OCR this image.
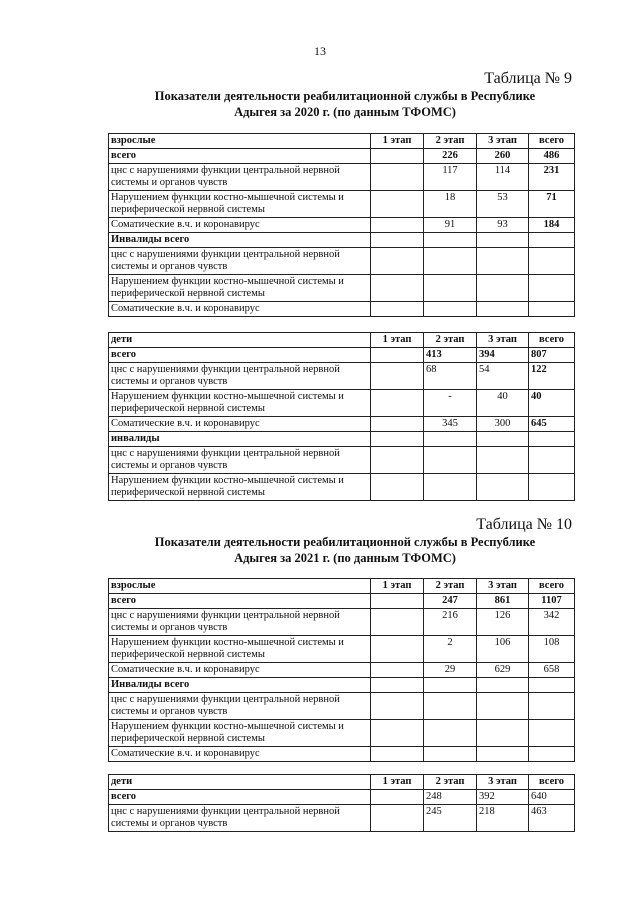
13
Таблица № 9
Показатели деятельности реабилитационной службы в Республике
Адыгея за 2020 г. (по данным ТФОМС)
взрослые	1 этап	2 этап	3 этап	всего
всего		226	260	486
цнс с нарушениями функции центральной нервной системы и органов чувств		117	114	231
Нарушением функции костно-мышечной системы и периферической нервной системы		18	53	71
Соматические в.ч. и коронавирус		91	93	184
Инвалиды всего				
цнс с нарушениями функции центральной нервной системы и органов чувств				
Нарушением функции костно-мышечной системы и периферической нервной системы				
Соматические в.ч. и коронавирус				
дети	1 этап	2 этап	3 этап	всего
всего		413	394	807
цнс с нарушениями функции центральной нервной системы и органов чувств		68	54	122
Нарушением функции костно-мышечной системы и периферической нервной системы		-	40	40
Соматические в.ч. и коронавирус		345	300	645
инвалиды				
цнс с нарушениями функции центральной нервной системы и органов чувств				
Нарушением функции костно-мышечной системы и периферической нервной системы				
Таблица № 10
Показатели деятельности реабилитационной службы в Республике
Адыгея за 2021 г. (по данным ТФОМС)
взрослые	1 этап	2 этап	3 этап	всего
всего		247	861	1107
цнс с нарушениями функции центральной нервной системы и органов чувств		216	126	342
Нарушением функции костно-мышечной системы и периферической нервной системы		2	106	108
Соматические в.ч. и коронавирус		29	629	658
Инвалиды всего				
цнс с нарушениями функции центральной нервной системы и органов чувств				
Нарушением функции костно-мышечной системы и периферической нервной системы				
Соматические в.ч. и коронавирус				
дети	1 этап	2 этап	3 этап	всего
всего		248	392	640
цнс с нарушениями функции центральной нервной системы и органов чувств		245	218	463
